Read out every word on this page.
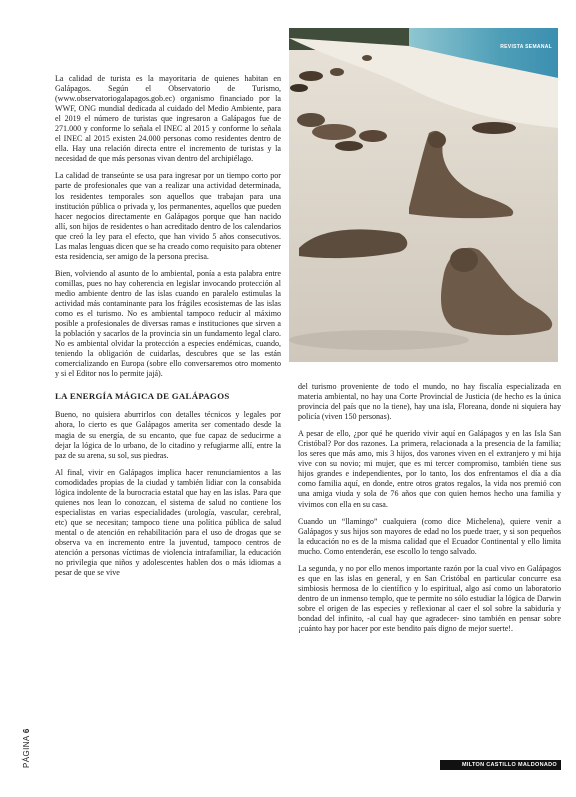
REVISTA SEMANAL

La calidad de turista es la mayoritaria de quienes habitan en Galápagos. Según el Observatorio de Turismo, (www.observatoriogalapagos.gob.ec) organismo financiado por la WWF, ONG mundial dedicada al cuidado del Medio Ambiente, para el 2019 el número de turistas que ingresaron a Galápagos fue de 271.000 y conforme lo señala el INEC al 2015 y conforme lo señala el INEC al 2015 existen 24.000 personas como residentes dentro de ella. Hay una relación directa entre el incremento de turistas y la necesidad de que más personas vivan dentro del archipiélago.

La calidad de transeúnte se usa para ingresar por un tiempo corto por parte de profesionales que van a realizar una actividad determinada, los residentes temporales son aquellos que trabajan para una institución pública o privada y, los permanentes, aquellos que pueden hacer negocios directamente en Galápagos porque que han nacido allí, son hijos de residentes o han acreditado dentro de los calendarios que creó la ley para el efecto, que han vivido 5 años consecutivos. Las malas lenguas dicen que se ha creado como requisito para obtener esta residencia, ser amigo de la persona precisa.

Bien, volviendo al asunto de lo ambiental, ponía a esta palabra entre comillas, pues no hay coherencia en legislar invocando protección al medio ambiente dentro de las islas cuando en paralelo estimulas la actividad más contaminante para los frágiles ecosistemas de las islas como es el turismo. No es ambiental tampoco reducir al máximo posible a profesionales de diversas ramas e instituciones que sirven a la población y sacarlos de la provincia sin un fundamento legal claro. No es ambiental olvidar la protección a especies endémicas, cuando, teniendo la obligación de cuidarlas, descubres que se las están comercializando en Europa (sobre ello conversaremos otro momento y si el Editor nos lo permite jajá).

LA ENERGÍA MÁGICA DE GALÁPAGOS

Bueno, no quisiera aburrirlos con detalles técnicos y legales por ahora, lo cierto es que Galápagos amerita ser comentado desde la magia de su energía, de su encanto, que fue capaz de seducirme a dejar la lógica de lo urbano, de lo citadino y refugiarme allí, entre la paz de su arena, su sol, sus piedras.

Al final, vivir en Galápagos implica hacer renunciamientos a las comodidades propias de la ciudad y también lidiar con la consabida lógica indolente de la burocracia estatal que hay en las islas. Para que quienes nos lean lo conozcan, el sistema de salud no contiene los especialistas en varias especialidades (urología, vascular, cerebral, etc) que se necesitan; tampoco tiene una política pública de salud mental o de atención en rehabilitación para el uso de drogas que se observa va en incremento entre la juventud, tampoco centros de atención a personas víctimas de violencia intrafamiliar, la educación no privilegia que niños y adolescentes hablen dos o más idiomas a pesar de que se vive

del turismo proveniente de todo el mundo, no hay fiscalía especializada en materia ambiental, no hay una Corte Provincial de Justicia (de hecho es la única provincia del país que no la tiene), hay una isla, Floreana, donde ni siquiera hay policía (viven 150 personas).

A pesar de ello, ¿por qué he querido vivir aquí en Galápagos y en las Isla San Cristóbal? Por dos razones. La primera, relacionada a la presencia de la familia; los seres que más amo, mis 3 hijos, dos varones viven en el extranjero y mi hija vive con su novio; mi mujer, que es mi tercer compromiso, también tiene sus hijos grandes e independientes, por lo tanto, los dos enfrentamos el día a día como familia aquí, en donde, entre otros gratos regalos, la vida nos premió con una amiga viuda y sola de 76 años que con quien hemos hecho una familia y vivimos con ella en su casa.

Cuando un “llamingo” cualquiera (como dice Michelena), quiere venir a Galápagos y sus hijos son mayores de edad no los puede traer, y si son pequeños la educación no es de la misma calidad que el Ecuador Continental y ello limita mucho. Como entenderán, ese escollo lo tengo salvado.

La segunda, y no por ello menos importante razón por la cual vivo en Galápagos es que en las islas en general, y en San Cristóbal en particular concurre esa simbiosis hermosa de lo científico y lo espiritual, algo así como un laboratorio dentro de un inmenso templo, que te permite no sólo estudiar la lógica de Darwin sobre el origen de las especies y reflexionar al caer el sol sobre la sabiduría y bondad del infinito, -al cual hay que agradecer- sino también en pensar sobre ¡cuánto hay por hacer por este bendito país digno de mejor suerte!.

PÁGINA 6
MILTON CASTILLO MALDONADO
